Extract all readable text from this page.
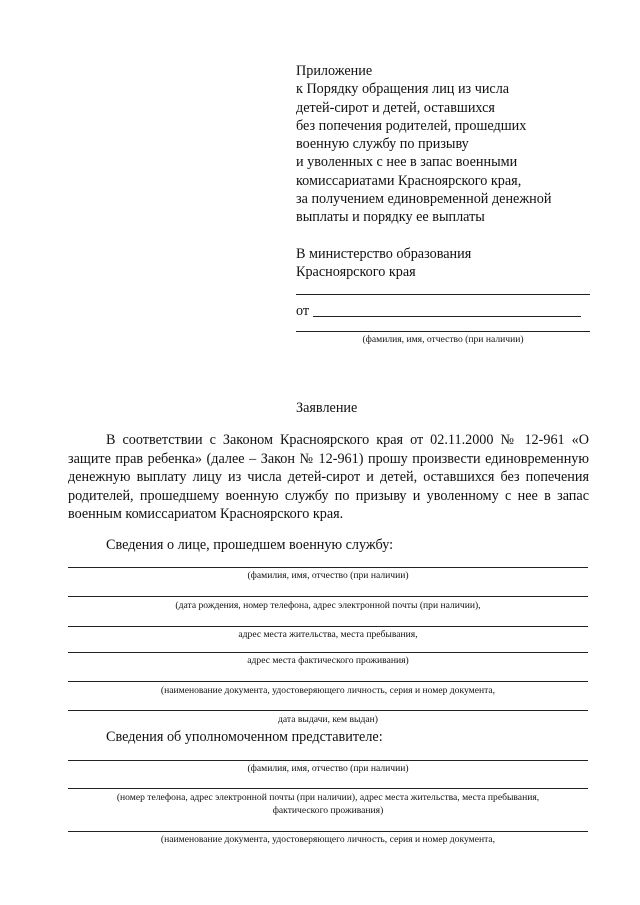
Приложение
к Порядку обращения лиц из числа
детей-сирот и детей, оставшихся
без попечения родителей, прошедших
военную службу по призыву
и уволенных с нее в запас военными
комиссариатами Красноярского края,
за получением единовременной денежной
выплаты и порядку ее выплаты
В министерство образования
Красноярского края
от
(фамилия, имя, отчество (при наличии)
Заявление
В соответствии с Законом Красноярского края от 02.11.2000 № 12-961 «О защите прав ребенка» (далее – Закон № 12-961) прошу произвести единовременную денежную выплату лицу из числа детей-сирот и детей, оставшихся без попечения родителей, прошедшему военную службу по призыву и уволенному с нее в запас военным комиссариатом Красноярского края.
Сведения о лице, прошедшем военную службу:
(фамилия, имя, отчество (при наличии)
(дата рождения, номер телефона, адрес электронной почты (при наличии),
адрес места жительства, места пребывания,
адрес места фактического проживания)
(наименование документа, удостоверяющего личность, серия и номер документа,
дата выдачи, кем выдан)
Сведения об уполномоченном представителе:
(фамилия, имя, отчество (при наличии)
(номер телефона, адрес электронной почты (при наличии), адрес места жительства, места пребывания,
фактического проживания)
(наименование документа, удостоверяющего личность, серия и номер документа,
